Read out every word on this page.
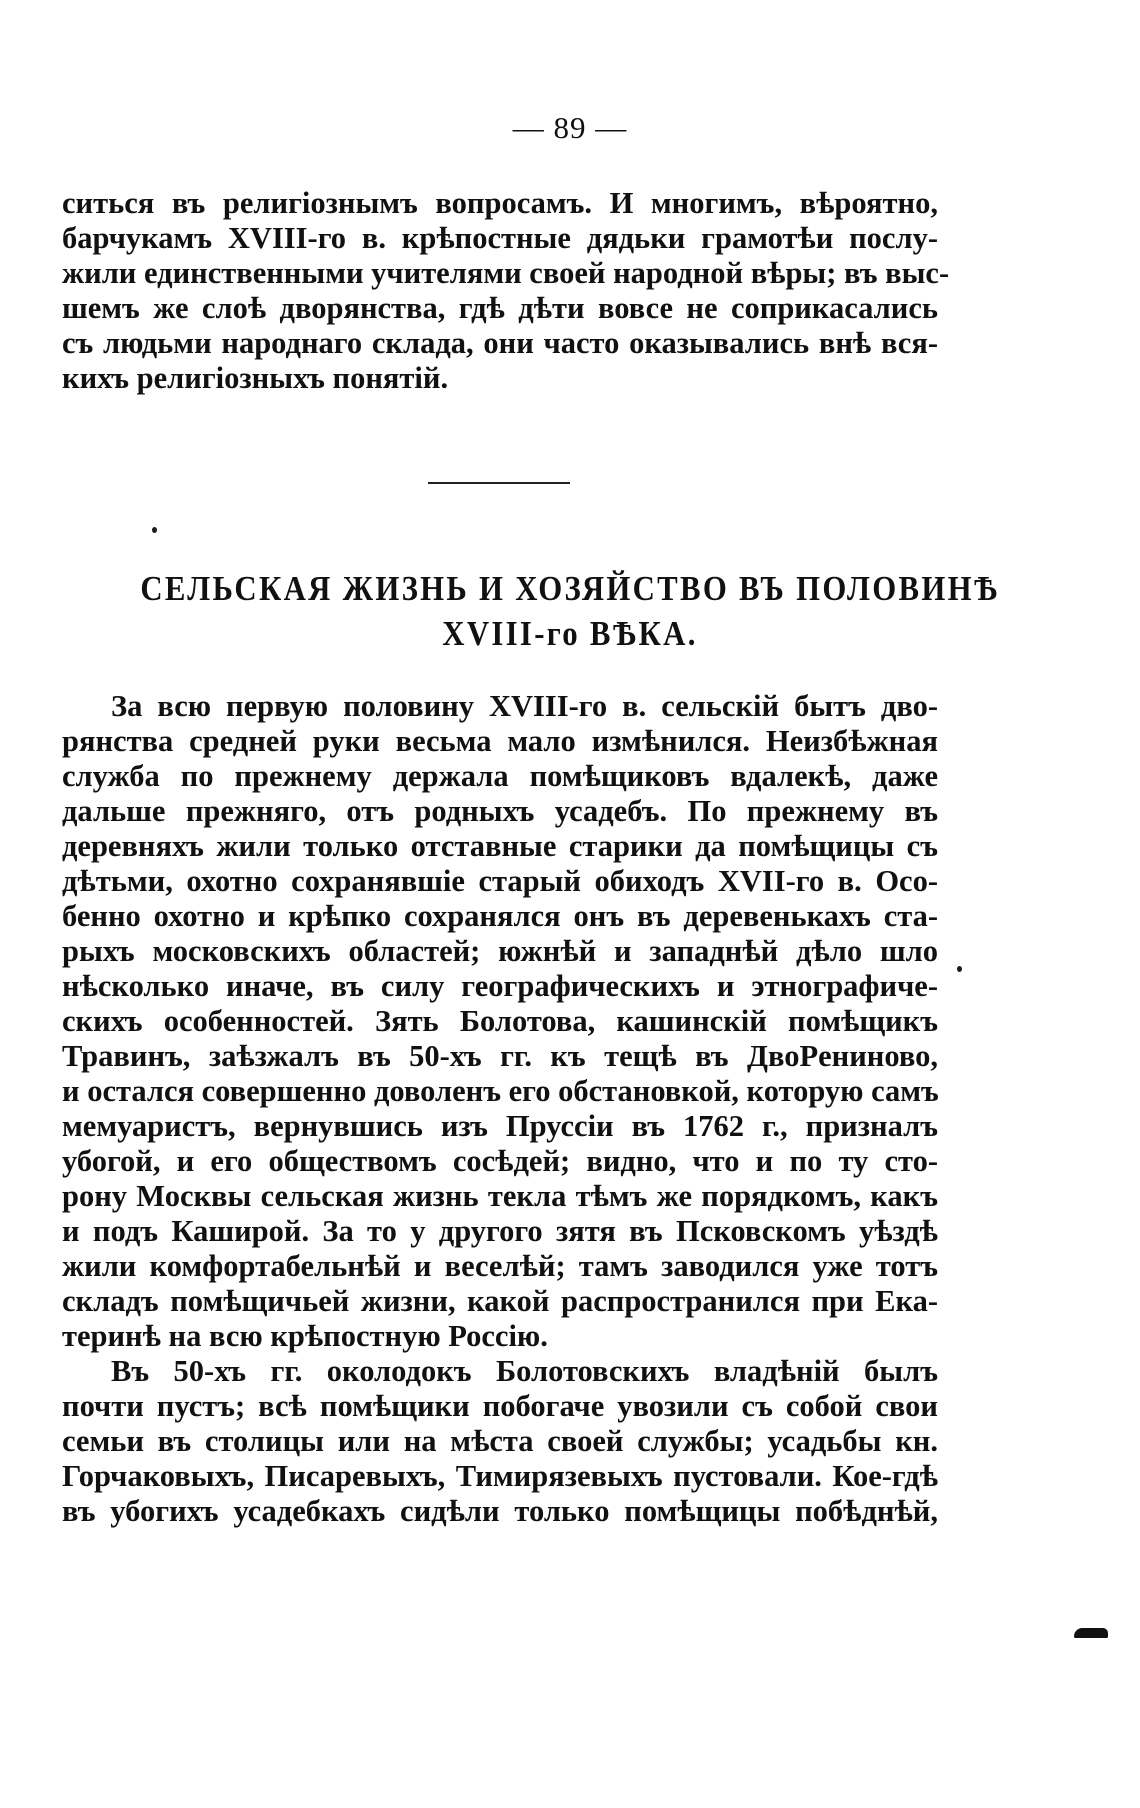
— 89 —
ситься въ религіознымъ вопросамъ. И многимъ, вѣроятно,
барчукамъ XVIII-го в. крѣпостные дядьки грамотѣи послу-
жили единственными учителями своей народной вѣры; въ выс-
шемъ же слоѣ дворянства, гдѣ дѣти вовсе не соприкасались
съ людьми народнаго склада, они часто оказывались внѣ вся-
кихъ религіозныхъ понятій.
СЕЛЬСКАЯ ЖИЗНЬ И ХОЗЯЙСТВО ВЪ ПОЛОВИНѢ
XVIII-го ВѢКА.
За всю первую половину XVIII-го в. сельскій бытъ дво-
рянства средней руки весьма мало измѣнился. Неизбѣжная
служба по прежнему держала помѣщиковъ вдалекѣ, даже
дальше прежняго, отъ родныхъ усадебъ. По прежнему въ
деревняхъ жили только отставные старики да помѣщицы съ
дѣтьми, охотно сохранявшіе старый обиходъ XVII-го в. Осо-
бенно охотно и крѣпко сохранялся онъ въ деревенькахъ ста-
рыхъ московскихъ областей; южнѣй и западнѣй дѣло шло
нѣсколько иначе, въ силу географическихъ и этнографиче-
скихъ особенностей. Зять Болотова, кашинскій помѣщикъ
Травинъ, заѣзжалъ въ 50-хъ гг. къ тещѣ въ ДвоPениново,
и остался совершенно доволенъ его обстановкой, которую самъ
мемуаристъ, вернувшись изъ Пруссіи въ 1762 г., призналъ
убогой, и его обществомъ сосѣдей; видно, что и по ту сто-
рону Москвы сельская жизнь текла тѣмъ же порядкомъ, какъ
и подъ Каширой. За то у другого зятя въ Псковскомъ уѣздѣ
жили комфортабельнѣй и веселѣй; тамъ заводился уже тотъ
складъ помѣщичьей жизни, какой распространился при Ека-
теринѣ на всю крѣпостную Россію.
Въ 50-хъ гг. околодокъ Болотовскихъ владѣній былъ
почти пустъ; всѣ помѣщики побогаче увозили съ собой свои
семьи въ столицы или на мѣста своей службы; усадьбы кн.
Горчаковыхъ, Писаревыхъ, Тимирязевыхъ пустовали. Кое-гдѣ
въ убогихъ усадебкахъ сидѣли только помѣщицы побѣднѣй,
